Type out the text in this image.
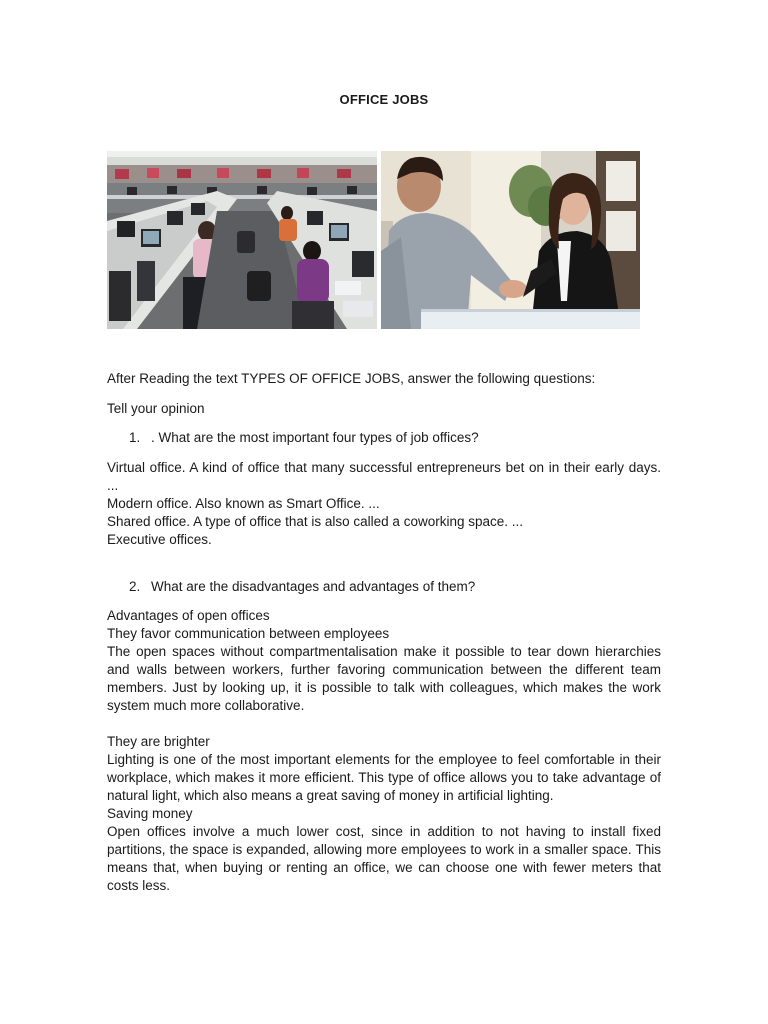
OFFICE JOBS
After Reading the text TYPES OF OFFICE JOBS, answer the following questions:
Tell your opinion
1. . What are the most important four types of job offices?

Virtual office. A kind of office that many successful entrepreneurs bet on in their early days. ...

Modern office. Also known as Smart Office. ...

Shared office. A type of office that is also called a coworking space. ...

Executive offices.

2. What are the disadvantages and advantages of them?

Advantages of open offices

They favor communication between employees

The open spaces without compartmentalisation make it possible to tear down hierarchies and walls between workers, further favoring communication between the different team members. Just by looking up, it is possible to talk with colleagues, which makes the work system much more collaborative.

They are brighter

Lighting is one of the most important elements for the employee to feel comfortable in their workplace, which makes it more efficient. This type of office allows you to take advantage of natural light, which also means a great saving of money in artificial lighting.

Saving money

Open offices involve a much lower cost, since in addition to not having to install fixed partitions, the space is expanded, allowing more employees to work in a smaller space. This means that, when buying or renting an office, we can choose one with fewer meters that costs less.
